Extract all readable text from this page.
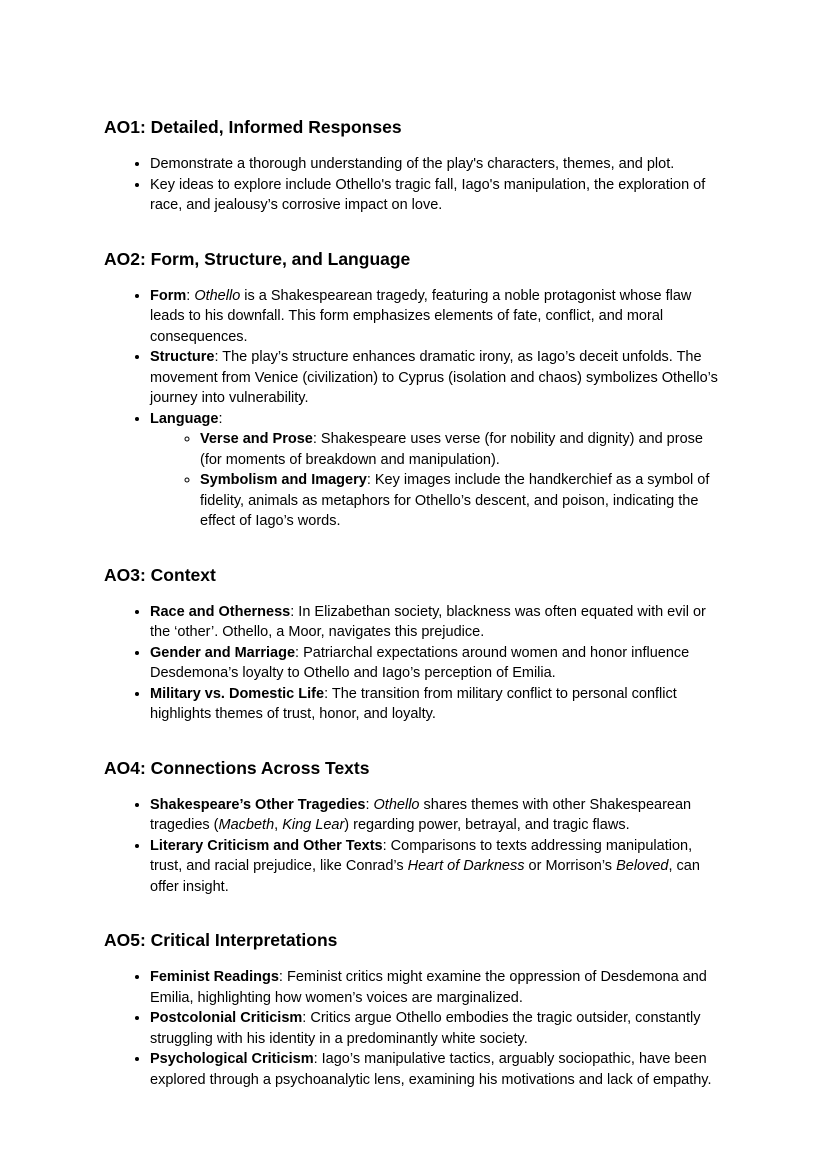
AO1: Detailed, Informed Responses
• Demonstrate a thorough understanding of the play's characters, themes, and plot.
• Key ideas to explore include Othello's tragic fall, Iago's manipulation, the exploration of race, and jealousy’s corrosive impact on love.
AO2: Form, Structure, and Language
• Form: Othello is a Shakespearean tragedy, featuring a noble protagonist whose flaw leads to his downfall. This form emphasizes elements of fate, conflict, and moral consequences.
• Structure: The play’s structure enhances dramatic irony, as Iago’s deceit unfolds. The movement from Venice (civilization) to Cyprus (isolation and chaos) symbolizes Othello’s journey into vulnerability.
• Language:
◦ Verse and Prose: Shakespeare uses verse (for nobility and dignity) and prose (for moments of breakdown and manipulation).
◦ Symbolism and Imagery: Key images include the handkerchief as a symbol of fidelity, animals as metaphors for Othello’s descent, and poison, indicating the effect of Iago’s words.
AO3: Context
• Race and Otherness: In Elizabethan society, blackness was often equated with evil or the ‘other’. Othello, a Moor, navigates this prejudice.
• Gender and Marriage: Patriarchal expectations around women and honor influence Desdemona’s loyalty to Othello and Iago’s perception of Emilia.
• Military vs. Domestic Life: The transition from military conflict to personal conflict highlights themes of trust, honor, and loyalty.
AO4: Connections Across Texts
• Shakespeare’s Other Tragedies: Othello shares themes with other Shakespearean tragedies (Macbeth, King Lear) regarding power, betrayal, and tragic flaws.
• Literary Criticism and Other Texts: Comparisons to texts addressing manipulation, trust, and racial prejudice, like Conrad’s Heart of Darkness or Morrison’s Beloved, can offer insight.
AO5: Critical Interpretations
• Feminist Readings: Feminist critics might examine the oppression of Desdemona and Emilia, highlighting how women’s voices are marginalized.
• Postcolonial Criticism: Critics argue Othello embodies the tragic outsider, constantly struggling with his identity in a predominantly white society.
• Psychological Criticism: Iago’s manipulative tactics, arguably sociopathic, have been explored through a psychoanalytic lens, examining his motivations and lack of empathy.
